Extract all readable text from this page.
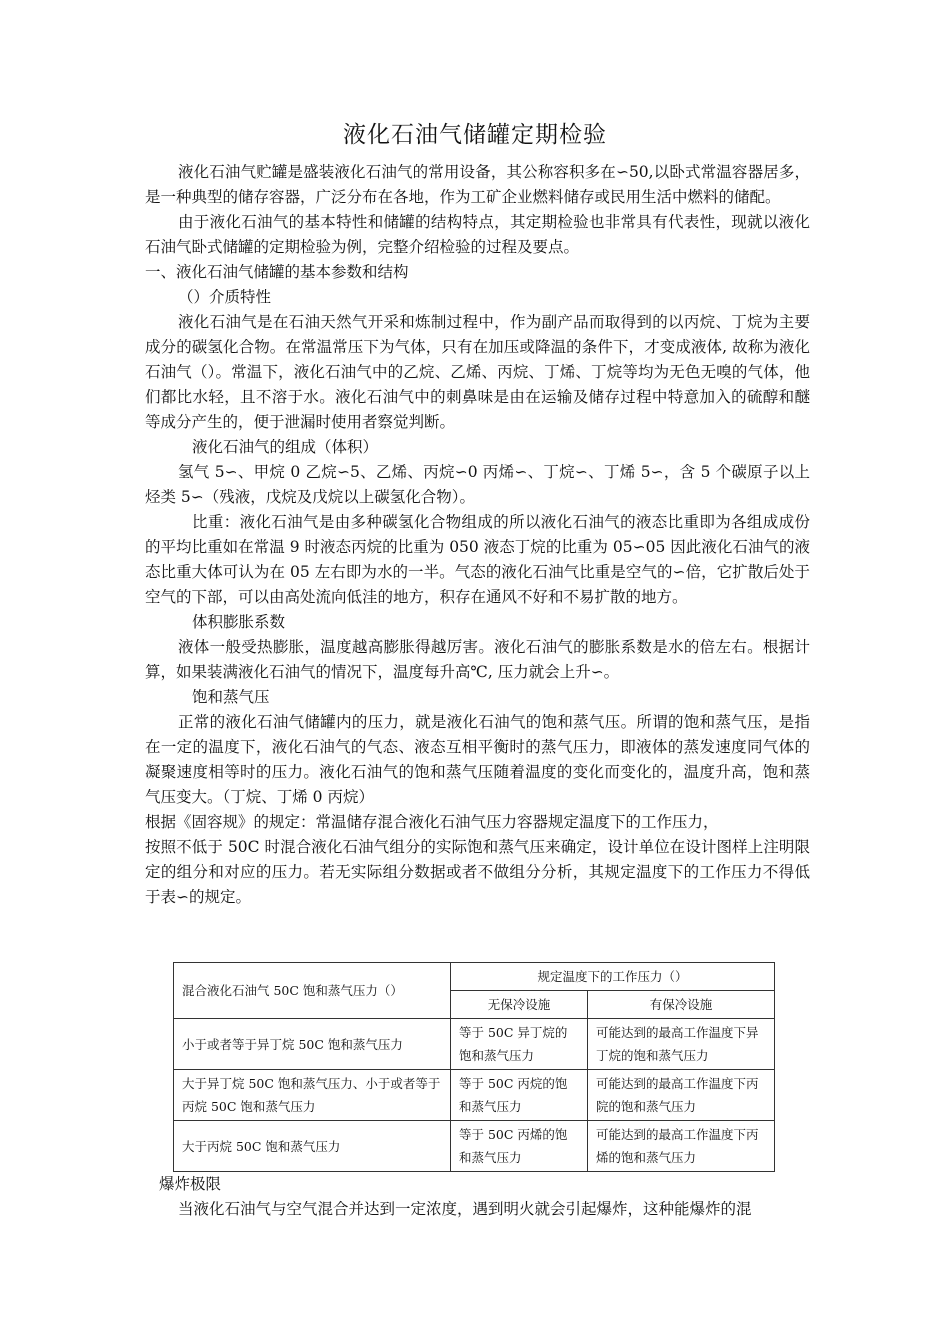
液化石油气储罐定期检验

液化石油气贮罐是盛装液化石油气的常用设备，其公称容积多在∽50,以卧式常温容器居多，是一种典型的储存容器，广泛分布在各地，作为工矿企业燃料储存或民用生活中燃料的储配。

由于液化石油气的基本特性和储罐的结构特点，其定期检验也非常具有代表性，现就以液化石油气卧式储罐的定期检验为例，完整介绍检验的过程及要点。

一、液化石油气储罐的基本参数和结构

（）介质特性

液化石油气是在石油天然气开采和炼制过程中，作为副产品而取得到的以丙烷、丁烷为主要成分的碳氢化合物。在常温常压下为气体，只有在加压或降温的条件下，才变成液体, 故称为液化石油气（）。常温下，液化石油气中的乙烷、乙烯、丙烷、丁烯、丁烷等均为无色无嗅的气体，他们都比水轻，且不溶于水。液化石油气中的刺鼻味是由在运输及储存过程中特意加入的硫醇和醚等成分产生的，便于泄漏时使用者察觉判断。

液化石油气的组成（体积）

氢气 5∽、甲烷 0 乙烷∽5、乙烯、丙烷∽0 丙烯∽、丁烷∽、丁烯 5∽，含 5 个碳原子以上烃类 5∽（残液，戊烷及戊烷以上碳氢化合物）。

比重：液化石油气是由多种碳氢化合物组成的所以液化石油气的液态比重即为各组成成份的平均比重如在常温 9 时液态丙烷的比重为 050 液态丁烷的比重为 05∽05 因此液化石油气的液态比重大体可认为在 05 左右即为水的一半。气态的液化石油气比重是空气的∽倍，它扩散后处于空气的下部，可以由高处流向低洼的地方，积存在通风不好和不易扩散的地方。

体积膨胀系数

液体一般受热膨胀，温度越高膨胀得越厉害。液化石油气的膨胀系数是水的倍左右。根据计算，如果装满液化石油气的情况下，温度每升高℃, 压力就会上升∽。

饱和蒸气压

正常的液化石油气储罐内的压力，就是液化石油气的饱和蒸气压。所谓的饱和蒸气压，是指在一定的温度下，液化石油气的气态、液态互相平衡时的蒸气压力，即液体的蒸发速度同气体的凝聚速度相等时的压力。液化石油气的饱和蒸气压随着温度的变化而变化的，温度升高，饱和蒸气压变大。（丁烷、丁烯 0 丙烷）

根据《固容规》的规定：常温储存混合液化石油气压力容器规定温度下的工作压力，

按照不低于 50C 时混合液化石油气组分的实际饱和蒸气压来确定，设计单位在设计图样上注明限定的组分和对应的压力。若无实际组分数据或者不做组分分析，其规定温度下的工作压力不得低于表∽的规定。

混合液化石油气 50C 饱和蒸气压力（）	规定温度下的工作压力（）	
	无保冷设施	有保冷设施
小于或者等于异丁烷 50C 饱和蒸气压力	等于 50C 异丁烷的饱和蒸气压力	可能达到的最高工作温度下异丁烷的饱和蒸气压力
大于异丁烷 50C 饱和蒸气压力、小于或者等于丙烷 50C 饱和蒸气压力	等于 50C 丙烷的饱和蒸气压力	可能达到的最高工作温度下丙院的饱和蒸气压力
大于丙烷 50C 饱和蒸气压力	等于 50C 丙烯的饱和蒸气压力	可能达到的最高工作温度下丙烯的饱和蒸气压力

爆炸极限

当液化石油气与空气混合并达到一定浓度，遇到明火就会引起爆炸，这种能爆炸的混
